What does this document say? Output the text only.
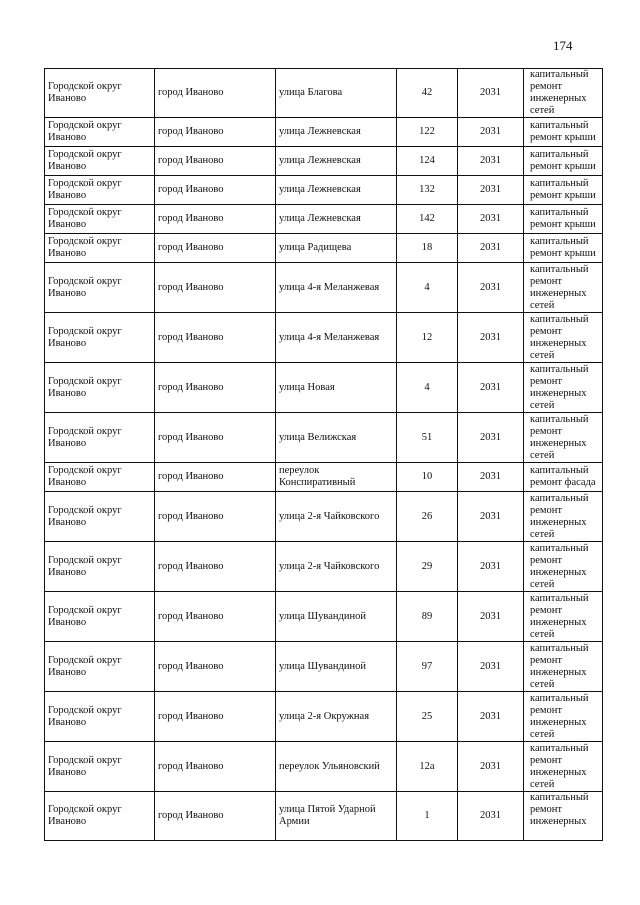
174
Городской округ Иваново	город Иваново	улица Благова	42	2031	капитальный ремонт инженерных сетей
Городской округ Иваново	город Иваново	улица Лежневская	122	2031	капитальный ремонт крыши
Городской округ Иваново	город Иваново	улица Лежневская	124	2031	капитальный ремонт крыши
Городской округ Иваново	город Иваново	улица Лежневская	132	2031	капитальный ремонт крыши
Городской округ Иваново	город Иваново	улица Лежневская	142	2031	капитальный ремонт крыши
Городской округ Иваново	город Иваново	улица Радищева	18	2031	капитальный ремонт крыши
Городской округ Иваново	город Иваново	улица 4-я Меланжевая	4	2031	капитальный ремонт инженерных сетей
Городской округ Иваново	город Иваново	улица 4-я Меланжевая	12	2031	капитальный ремонт инженерных сетей
Городской округ Иваново	город Иваново	улица Новая	4	2031	капитальный ремонт инженерных сетей
Городской округ Иваново	город Иваново	улица Велижская	51	2031	капитальный ремонт инженерных сетей
Городской округ Иваново	город Иваново	переулок Конспиративный	10	2031	капитальный ремонт фасада
Городской округ Иваново	город Иваново	улица 2-я Чайковского	26	2031	капитальный ремонт инженерных сетей
Городской округ Иваново	город Иваново	улица 2-я Чайковского	29	2031	капитальный ремонт инженерных сетей
Городской округ Иваново	город Иваново	улица Шувандиной	89	2031	капитальный ремонт инженерных сетей
Городской округ Иваново	город Иваново	улица Шувандиной	97	2031	капитальный ремонт инженерных сетей
Городской округ Иваново	город Иваново	улица 2-я Окружная	25	2031	капитальный ремонт инженерных сетей
Городской округ Иваново	город Иваново	переулок Ульяновский	12а	2031	капитальный ремонт инженерных сетей
Городской округ Иваново	город Иваново	улица Пятой Ударной Армии	1	2031	капитальный ремонт инженерных
